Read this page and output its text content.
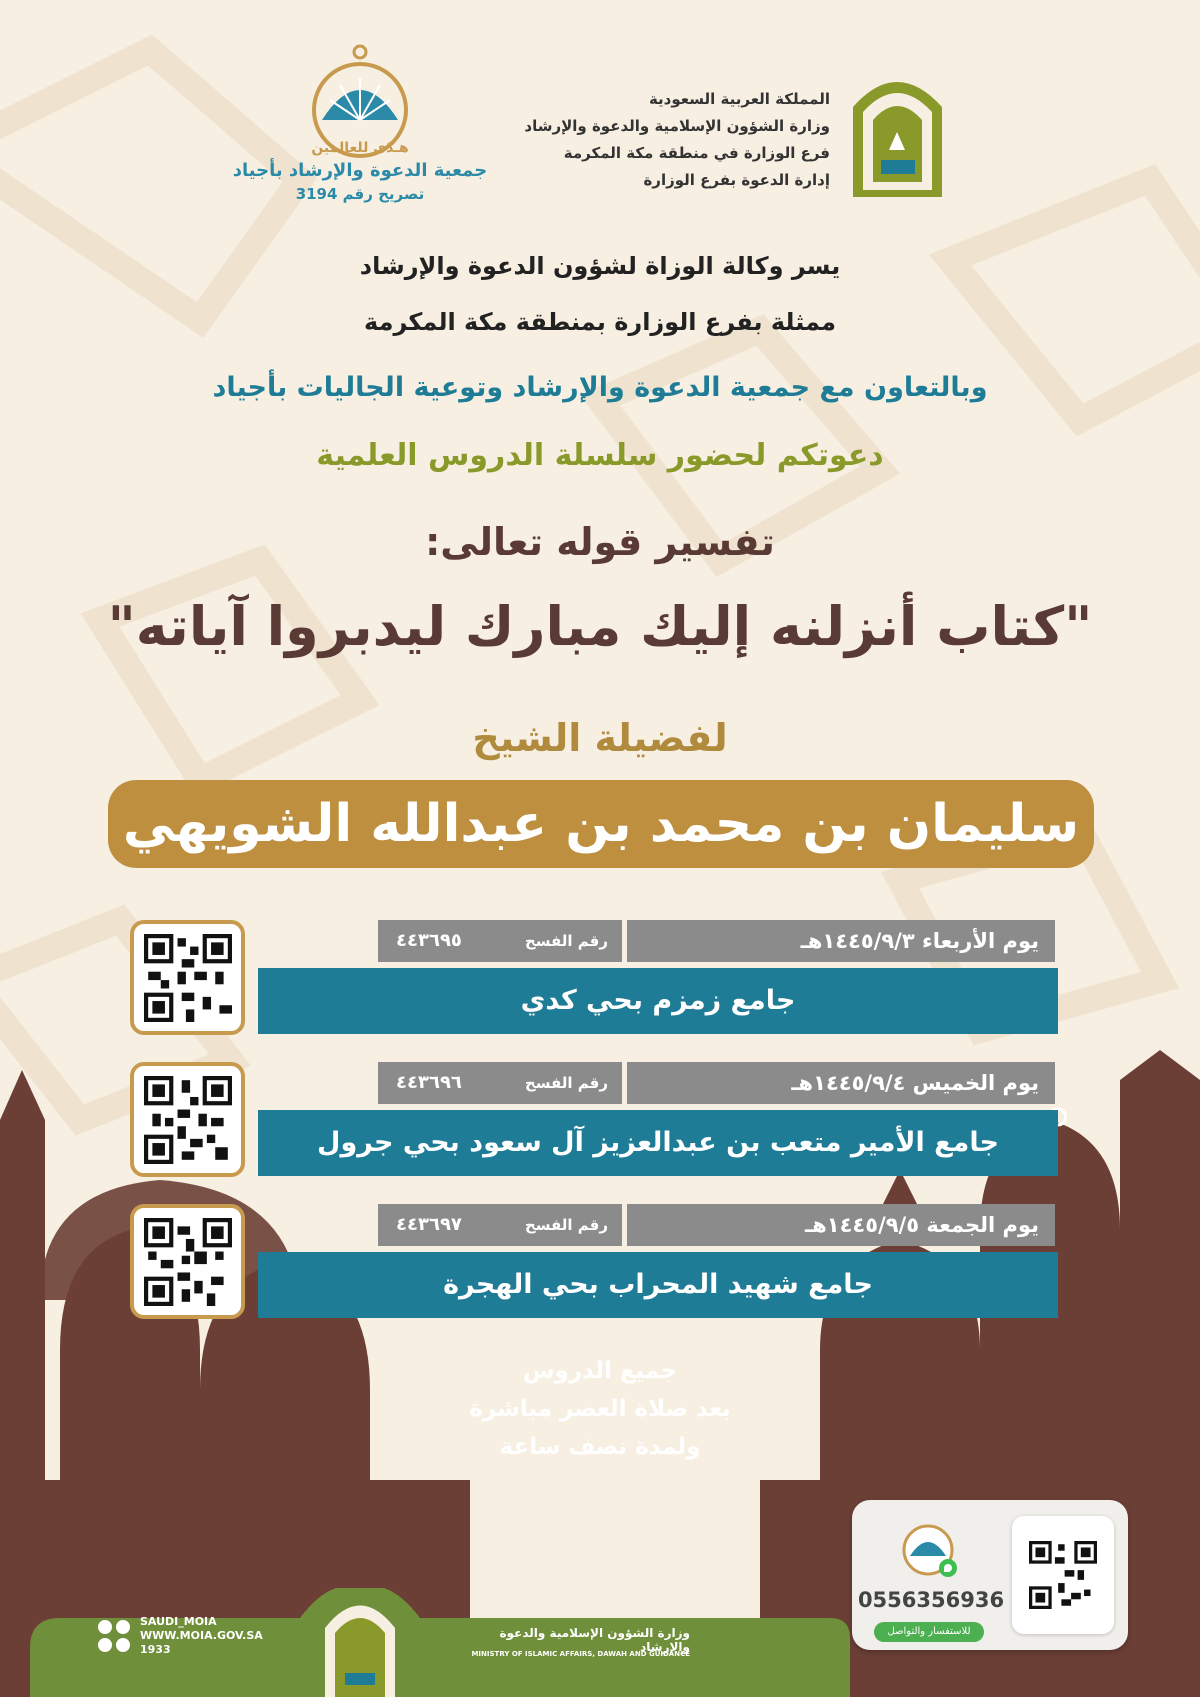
المملكة العربية السعودية
وزارة الشؤون الإسلامية والدعوة والإرشاد
فرع الوزارة في منطقة مكة المكرمة
إدارة الدعوة بفرع الوزارة
هـدًى للعالمين
جمعية الدعوة والإرشاد بأجياد
تصريح رقم 3194
يسر وكالة الوزاة لشؤون الدعوة والإرشاد
ممثلة بفرع الوزارة بمنطقة مكة المكرمة
وبالتعاون مع جمعية الدعوة والإرشاد وتوعية الجاليات بأجياد
دعوتكم لحضور سلسلة الدروس العلمية
تفسير قوله تعالى:
"كتاب أنزلنه إليك مبارك ليدبروا آياته"
لفضيلة الشيخ
سليمان بن محمد بن عبدالله الشويهي
يوم الأربعاء ١٤٤٥/٩/٣هـ
رقم الفسح
٤٤٣٦٩٥
جامع زمزم بحي كدي
يوم الخميس ١٤٤٥/٩/٤هـ
رقم الفسح
٤٤٣٦٩٦
جامع الأمير متعب بن عبدالعزيز آل سعود بحي جرول
يوم الجمعة ١٤٤٥/٩/٥هـ
رقم الفسح
٤٤٣٦٩٧
جامع شهيد المحراب بحي الهجرة
جميع الدروس
بعد صلاة العصر مباشرة
ولمدة نصف ساعة
0556356936
للاستفسار والتواصل
SAUDI_MOIA
WWW.MOIA.GOV.SA
1933
وزارة الشؤون الإسلامية والدعوة والإرشاد
MINISTRY OF ISLAMIC AFFAIRS, DAWAH AND GUIDANCE
